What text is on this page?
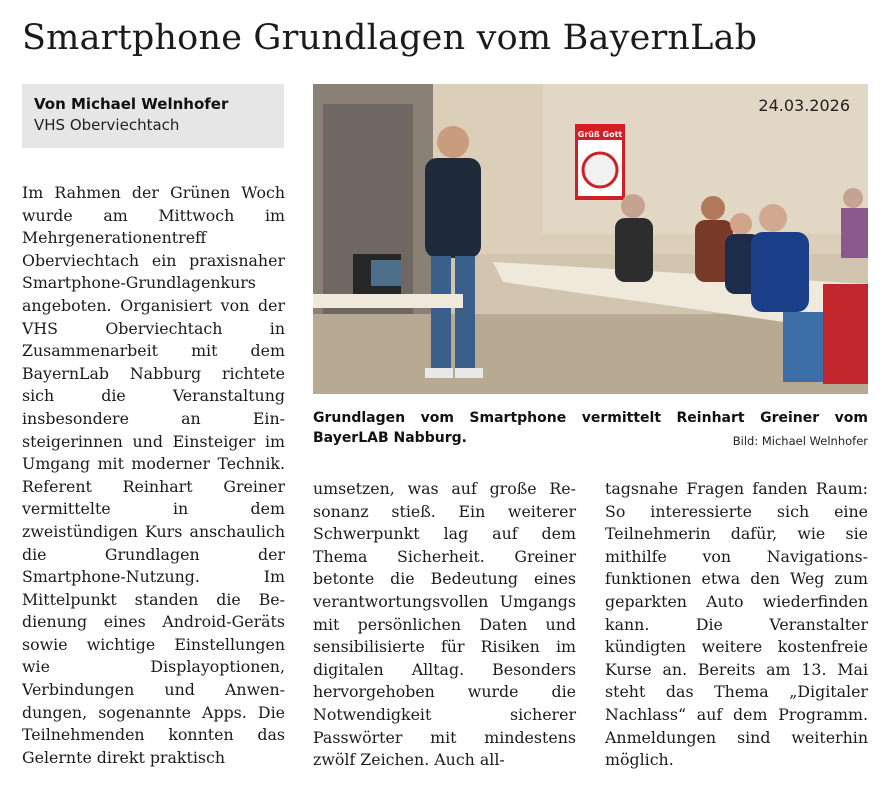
Smartphone Grundlagen vom BayernLab
Von Michael Welnhofer
VHS Oberviechtach

Im Rahmen der Grünen Woch wurde am Mittwoch im Mehrgenerationentreff Oberviechtach ein praxisnaher Smartphone-Grundlagenkurs angeboten. Organisiert von der VHS Oberviechtach in Zusammenarbeit mit dem BayernLab Nabburg richtete sich die Veranstaltung insbesondere an Einsteigerinnen und Einsteiger im Umgang mit moderner Technik. Referent Reinhart Greiner vermittelte in dem zweistündigen Kurs anschaulich die Grundlagen der Smartphone-Nutzung. Im Mittelpunkt standen die Bedienung eines Android-Geräts sowie wichtige Einstellungen wie Displayoptionen, Verbindungen und Anwendungen, sogenannte Apps. Die Teilnehmenden konnten das Gelernte direkt praktisch

Grüß Gott
24.03.2026
Grundlagen vom Smartphone vermittelt Reinhart Greiner vom BayerLAB Nabburg.	Bild: Michael Welnhofer

umsetzen, was auf große Resonanz stieß. Ein weiterer Schwerpunkt lag auf dem Thema Sicherheit. Greiner betonte die Bedeutung eines verantwortungsvollen Umgangs mit persönlichen Daten und sensibilisierte für Risiken im digitalen Alltag. Besonders hervorgehoben wurde die Notwendigkeit sicherer Passwörter mit mindestens zwölf Zeichen. Auch all-

tagsnahe Fragen fanden Raum: So interessierte sich eine Teilnehmerin dafür, wie sie mithilfe von Navigationsfunktionen etwa den Weg zum geparkten Auto wiederfinden kann. Die Veranstalter kündigten weitere kostenfreie Kurse an. Bereits am 13. Mai steht das Thema „Digitaler Nachlass“ auf dem Programm. Anmeldungen sind weiterhin möglich.
